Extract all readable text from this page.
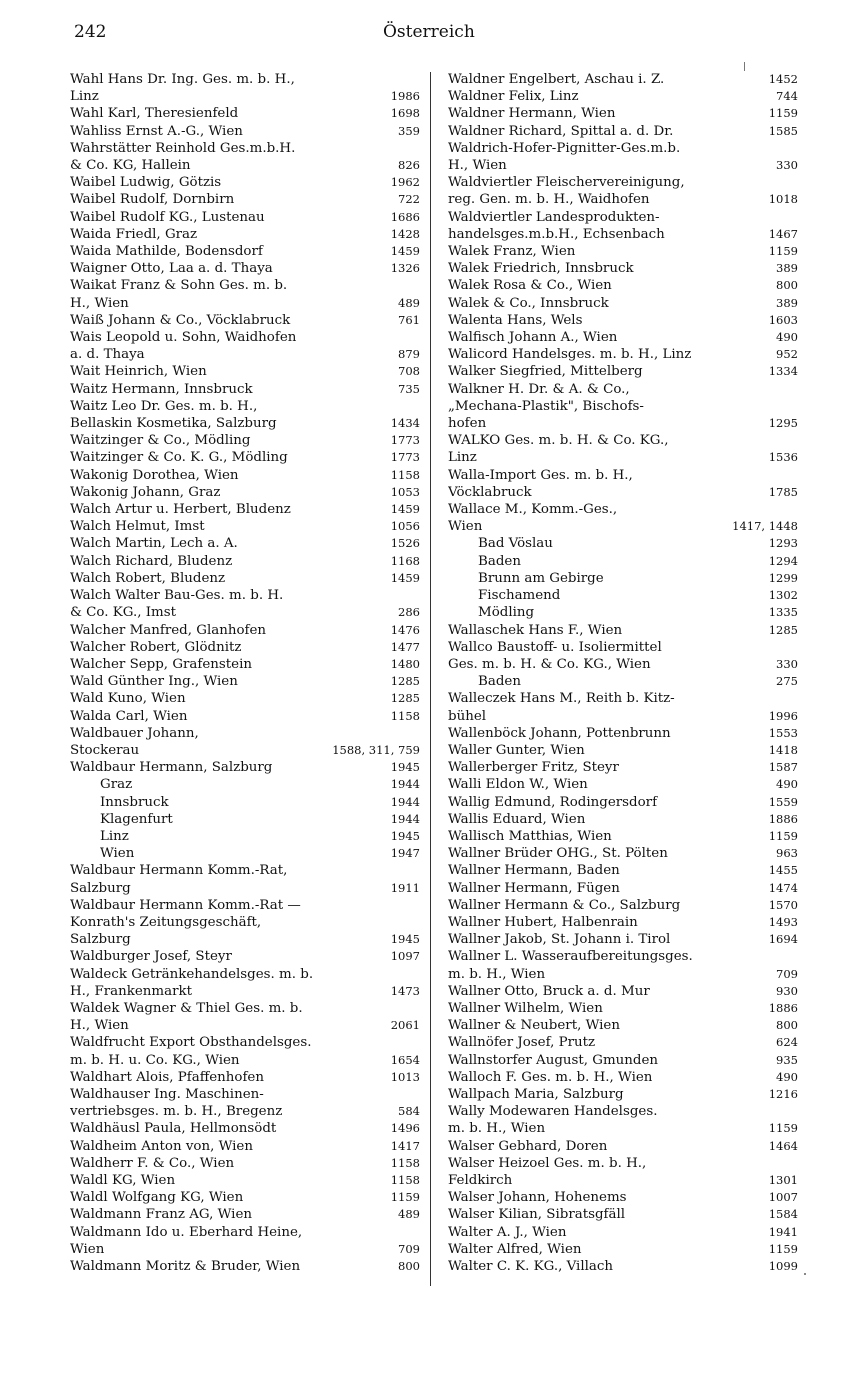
242	Österreich
Wahl Hans Dr. Ing. Ges. m. b. H.,
Linz	1986
Wahl Karl, Theresienfeld	1698
Wahliss Ernst A.-G., Wien	359
Wahrstätter Reinhold Ges.m.b.H.
& Co. KG, Hallein	826
Waibel Ludwig, Götzis	1962
Waibel Rudolf, Dornbirn	722
Waibel Rudolf KG., Lustenau	1686
Waida Friedl, Graz	1428
Waida Mathilde, Bodensdorf	1459
Waigner Otto, Laa a. d. Thaya	1326
Waikat Franz & Sohn Ges. m. b.
H., Wien	489
Waiß Johann & Co., Vöcklabruck	761
Wais Leopold u. Sohn, Waidhofen
a. d. Thaya	879
Wait Heinrich, Wien	708
Waitz Hermann, Innsbruck	735
Waitz Leo Dr. Ges. m. b. H.,
Bellaskin Kosmetika, Salzburg	1434
Waitzinger & Co., Mödling	1773
Waitzinger & Co. K. G., Mödling	1773
Wakonig Dorothea, Wien	1158
Wakonig Johann, Graz	1053
Walch Artur u. Herbert, Bludenz	1459
Walch Helmut, Imst	1056
Walch Martin, Lech a. A.	1526
Walch Richard, Bludenz	1168
Walch Robert, Bludenz	1459
Walch Walter Bau-Ges. m. b. H.
& Co. KG., Imst	286
Walcher Manfred, Glanhofen	1476
Walcher Robert, Glödnitz	1477
Walcher Sepp, Grafenstein	1480
Wald Günther Ing., Wien	1285
Wald Kuno, Wien	1285
Walda Carl, Wien	1158
Waldbauer Johann,
Stockerau	1588, 311, 759
Waldbaur Hermann, Salzburg	1945
Graz	1944
Innsbruck	1944
Klagenfurt	1944
Linz	1945
Wien	1947
Waldbaur Hermann Komm.-Rat,
Salzburg	1911
Waldbaur Hermann Komm.-Rat —
Konrath's Zeitungsgeschäft,
Salzburg	1945
Waldburger Josef, Steyr	1097
Waldeck Getränkehandelsges. m. b.
H., Frankenmarkt	1473
Waldek Wagner & Thiel Ges. m. b.
H., Wien	2061
Waldfrucht Export Obsthandelsges.
m. b. H. u. Co. KG., Wien	1654
Waldhart Alois, Pfaffenhofen	1013
Waldhauser Ing. Maschinen-
vertriebsges. m. b. H., Bregenz	584
Waldhäusl Paula, Hellmonsödt	1496
Waldheim Anton von, Wien	1417
Waldherr F. & Co., Wien	1158
Waldl KG, Wien	1158
Waldl Wolfgang KG, Wien	1159
Waldmann Franz AG, Wien	489
Waldmann Ido u. Eberhard Heine,
Wien	709
Waldmann Moritz & Bruder, Wien	800
Waldner Engelbert, Aschau i. Z.	1452
Waldner Felix, Linz	744
Waldner Hermann, Wien	1159
Waldner Richard, Spittal a. d. Dr.	1585
Waldrich-Hofer-Pignitter-Ges.m.b.
H., Wien	330
Waldviertler Fleischervereinigung,
reg. Gen. m. b. H., Waidhofen	1018
Waldviertler Landesprodukten-
handelsges.m.b.H., Echsenbach	1467
Walek Franz, Wien	1159
Walek Friedrich, Innsbruck	389
Walek Rosa & Co., Wien	800
Walek & Co., Innsbruck	389
Walenta Hans, Wels	1603
Walfisch Johann A., Wien	490
Walicord Handelsges. m. b. H., Linz	952
Walker Siegfried, Mittelberg	1334
Walkner H. Dr. & A. & Co.,
„Mechana-Plastik", Bischofs-
hofen	1295
WALKO Ges. m. b. H. & Co. KG.,
Linz	1536
Walla-Import Ges. m. b. H.,
Vöcklabruck	1785
Wallace M., Komm.-Ges.,
Wien	1417, 1448
Bad Vöslau	1293
Baden	1294
Brunn am Gebirge	1299
Fischamend	1302
Mödling	1335
Wallaschek Hans F., Wien	1285
Wallco Baustoff- u. Isoliermittel
Ges. m. b. H. & Co. KG., Wien	330
Baden	275
Walleczek Hans M., Reith b. Kitz-
bühel	1996
Wallenböck Johann, Pottenbrunn	1553
Waller Gunter, Wien	1418
Wallerberger Fritz, Steyr	1587
Walli Eldon W., Wien	490
Wallig Edmund, Rodingersdorf	1559
Wallis Eduard, Wien	1886
Wallisch Matthias, Wien	1159
Wallner Brüder OHG., St. Pölten	963
Wallner Hermann, Baden	1455
Wallner Hermann, Fügen	1474
Wallner Hermann & Co., Salzburg	1570
Wallner Hubert, Halbenrain	1493
Wallner Jakob, St. Johann i. Tirol	1694
Wallner L. Wasseraufbereitungsges.
m. b. H., Wien	709
Wallner Otto, Bruck a. d. Mur	930
Wallner Wilhelm, Wien	1886
Wallner & Neubert, Wien	800
Wallnöfer Josef, Prutz	624
Wallnstorfer August, Gmunden	935
Walloch F. Ges. m. b. H., Wien	490
Wallpach Maria, Salzburg	1216
Wally Modewaren Handelsges.
m. b. H., Wien	1159
Walser Gebhard, Doren	1464
Walser Heizoel Ges. m. b. H.,
Feldkirch	1301
Walser Johann, Hohenems	1007
Walser Kilian, Sibratsgfäll	1584
Walter A. J., Wien	1941
Walter Alfred, Wien	1159
Walter C. K. KG., Villach	1099
